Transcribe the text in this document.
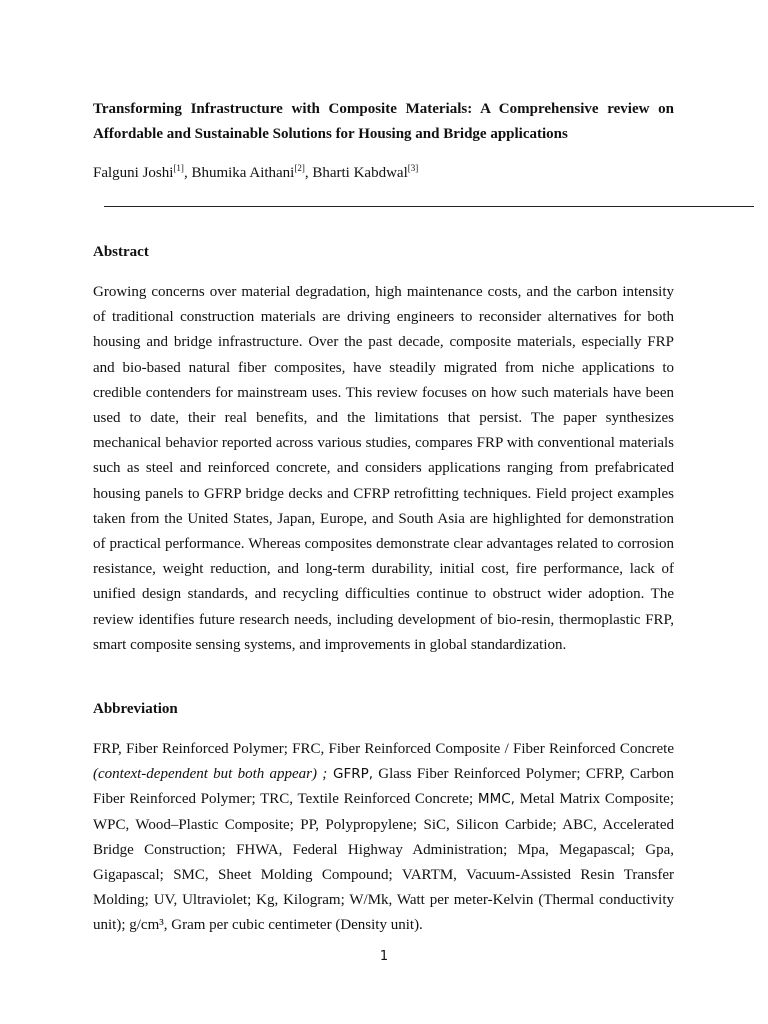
Transforming Infrastructure with Composite Materials: A Comprehensive review on Affordable and Sustainable Solutions for Housing and Bridge applications

Falguni Joshi[1], Bhumika Aithani[2], Bharti Kabdwal[3]

Abstract

Growing concerns over material degradation, high maintenance costs, and the carbon intensity of traditional construction materials are driving engineers to reconsider alternatives for both housing and bridge infrastructure. Over the past decade, composite materials, especially FRP and bio-based natural fiber composites, have steadily migrated from niche applications to credible contenders for mainstream uses. This review focuses on how such materials have been used to date, their real benefits, and the limitations that persist. The paper synthesizes mechanical behavior reported across various studies, compares FRP with conventional materials such as steel and reinforced concrete, and considers applications ranging from prefabricated housing panels to GFRP bridge decks and CFRP retrofitting techniques. Field project examples taken from the United States, Japan, Europe, and South Asia are highlighted for demonstration of practical performance. Whereas composites demonstrate clear advantages related to corrosion resistance, weight reduction, and long-term durability, initial cost, fire performance, lack of unified design standards, and recycling difficulties continue to obstruct wider adoption. The review identifies future research needs, including development of bio-resin, thermoplastic FRP, smart composite sensing systems, and improvements in global standardization.

Abbreviation

FRP, Fiber Reinforced Polymer; FRC, Fiber Reinforced Composite / Fiber Reinforced Concrete (context-dependent but both appear) ; GFRP, Glass Fiber Reinforced Polymer; CFRP, Carbon Fiber Reinforced Polymer; TRC, Textile Reinforced Concrete; MMC, Metal Matrix Composite; WPC, Wood–Plastic Composite; PP, Polypropylene; SiC, Silicon Carbide; ABC, Accelerated Bridge Construction; FHWA, Federal Highway Administration; Mpa, Megapascal; Gpa, Gigapascal; SMC, Sheet Molding Compound; VARTM, Vacuum-Assisted Resin Transfer Molding; UV, Ultraviolet; Kg, Kilogram; W/Mk, Watt per meter-Kelvin (Thermal conductivity unit); g/cm³, Gram per cubic centimeter (Density unit).

1
